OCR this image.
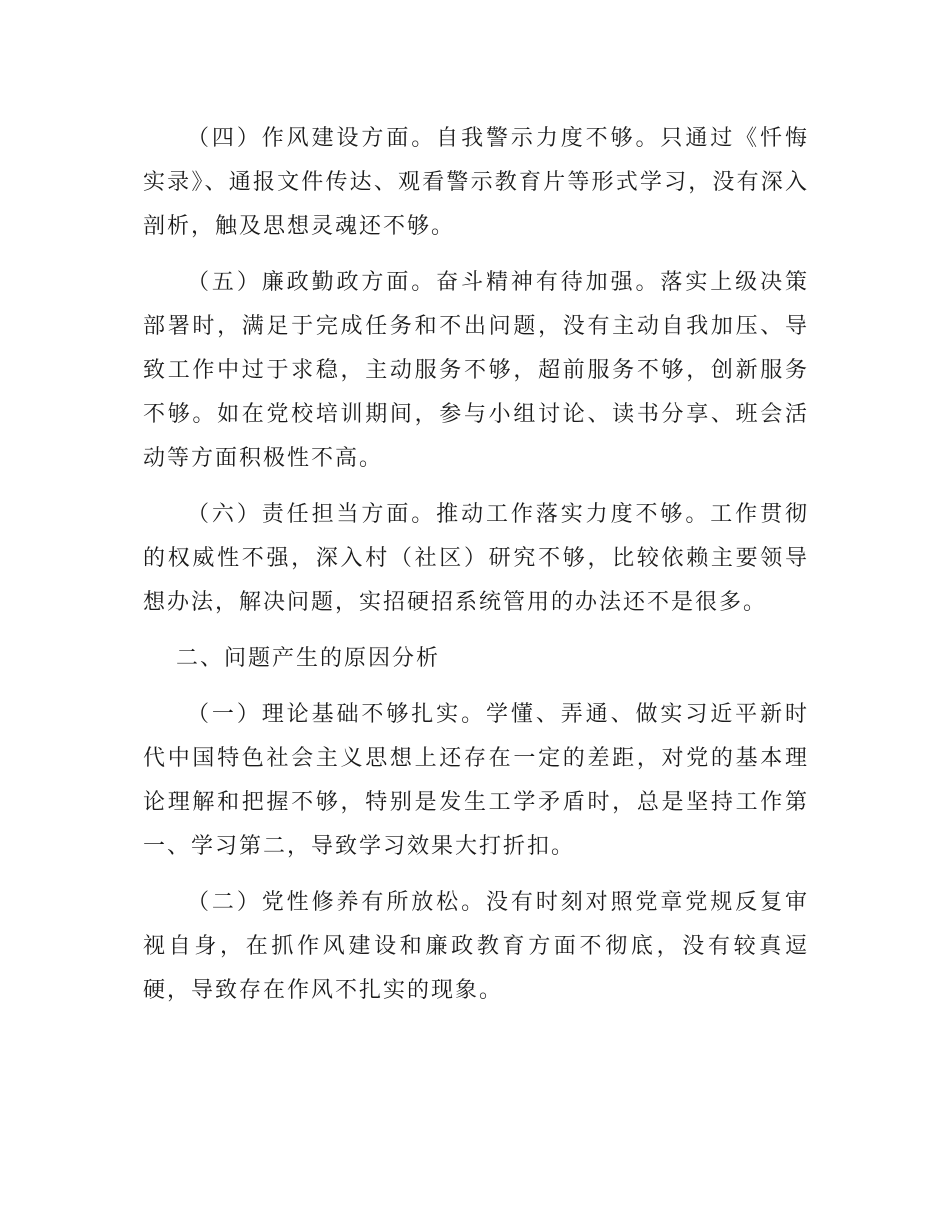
（四）作风建设方面。自我警示力度不够。只通过《忏悔实录》、通报文件传达、观看警示教育片等形式学习，没有深入剖析，触及思想灵魂还不够。

（五）廉政勤政方面。奋斗精神有待加强。落实上级决策部署时，满足于完成任务和不出问题，没有主动自我加压、导致工作中过于求稳，主动服务不够，超前服务不够，创新服务不够。如在党校培训期间，参与小组讨论、读书分享、班会活动等方面积极性不高。

（六）责任担当方面。推动工作落实力度不够。工作贯彻的权威性不强，深入村（社区）研究不够，比较依赖主要领导想办法，解决问题，实招硬招系统管用的办法还不是很多。

二、问题产生的原因分析

（一）理论基础不够扎实。学懂、弄通、做实习近平新时代中国特色社会主义思想上还存在一定的差距，对党的基本理论理解和把握不够，特别是发生工学矛盾时，总是坚持工作第一、学习第二，导致学习效果大打折扣。

（二）党性修养有所放松。没有时刻对照党章党规反复审视自身，在抓作风建设和廉政教育方面不彻底，没有较真逗硬，导致存在作风不扎实的现象。
